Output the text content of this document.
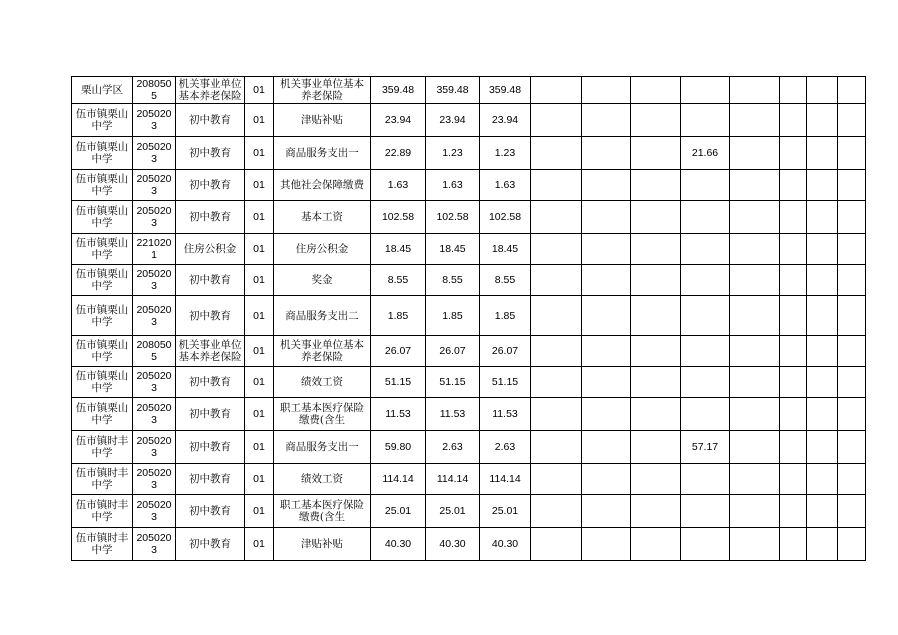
栗山学区	2080505	机关事业单位基本养老保险	01	机关事业单位基本养老保险	359.48	359.48	359.48								
伍市镇栗山中学	2050203	初中教育	01	津贴补贴	23.94	23.94	23.94								
伍市镇栗山中学	2050203	初中教育	01	商品服务支出一	22.89	1.23	1.23				21.66				
伍市镇栗山中学	2050203	初中教育	01	其他社会保障缴费	1.63	1.63	1.63								
伍市镇栗山中学	2050203	初中教育	01	基本工资	102.58	102.58	102.58								
伍市镇栗山中学	2210201	住房公积金	01	住房公积金	18.45	18.45	18.45								
伍市镇栗山中学	2050203	初中教育	01	奖金	8.55	8.55	8.55								
伍市镇栗山中学	2050203	初中教育	01	商品服务支出二	1.85	1.85	1.85								
伍市镇栗山中学	2080505	机关事业单位基本养老保险	01	机关事业单位基本养老保险	26.07	26.07	26.07								
伍市镇栗山中学	2050203	初中教育	01	绩效工资	51.15	51.15	51.15								
伍市镇栗山中学	2050203	初中教育	01	职工基本医疗保险缴费(含生	11.53	11.53	11.53								
伍市镇时丰中学	2050203	初中教育	01	商品服务支出一	59.80	2.63	2.63				57.17				
伍市镇时丰中学	2050203	初中教育	01	绩效工资	114.14	114.14	114.14								
伍市镇时丰中学	2050203	初中教育	01	职工基本医疗保险缴费(含生	25.01	25.01	25.01								
伍市镇时丰中学	2050203	初中教育	01	津贴补贴	40.30	40.30	40.30								
